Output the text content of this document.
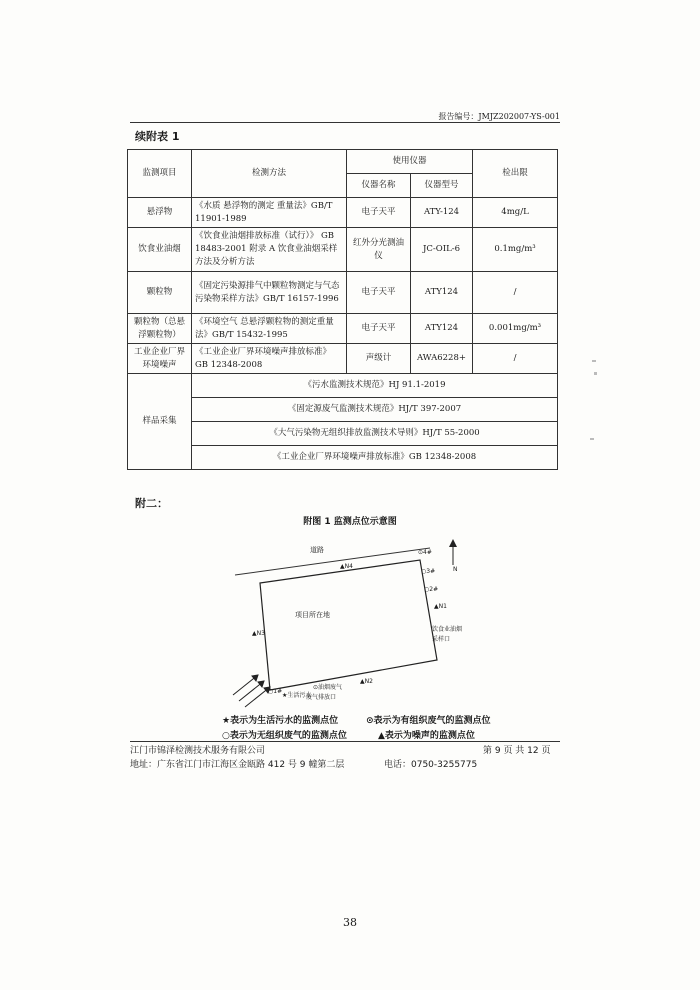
报告编号：JMJZ202007-YS-001
续附表 1
监测项目	检测方法	使用仪器		检出限
		仪器名称	仪器型号	
悬浮物	《水质 悬浮物的测定 重量法》GB/T 11901-1989	电子天平	ATY-124	4mg/L
饮食业油烟	《饮食业油烟排放标准（试行）》 GB 18483-2001 附录 A 饮食业油烟采样方法及分析方法	红外分光测油仪	JC-OIL-6	0.1mg/m³
颗粒物	《固定污染源排气中颗粒物测定与气态污染物采样方法》GB/T 16157-1996	电子天平	ATY124	/
颗粒物（总悬浮颗粒物）	《环境空气 总悬浮颗粒物的测定重量法》GB/T 15432-1995	电子天平	ATY124	0.001mg/m³
工业企业厂界环境噪声	《工业企业厂界环境噪声排放标准》GB 12348-2008	声级计	AWA6228+	/
样品采集	《污水监测技术规范》HJ 91.1-2019			
	《固定源废气监测技术规范》HJ/T 397-2007			
	《大气污染物无组织排放监测技术导则》HJ/T 55-2000			
	《工业企业厂界环境噪声排放标准》GB 12348-2008			
附二：
附图 1 监测点位示意图
道路
N
项目所在地
▲N4
▲N1
▲N2
▲N3
⊙4#
○3#
○2#
○1#
★生活污水
⊙油烟废气
废气排放口
饮食业油烟
采样口
★表示为生活污水的监测点位	⊙表示为有组织废气的监测点位
○表示为无组织废气的监测点位	▲表示为噪声的监测点位
江门市锦泽检测技术服务有限公司	第 9 页 共 12 页
地址：广东省江门市江海区金瓯路 412 号 9 幢第二层	电话：0750-3255775
38
